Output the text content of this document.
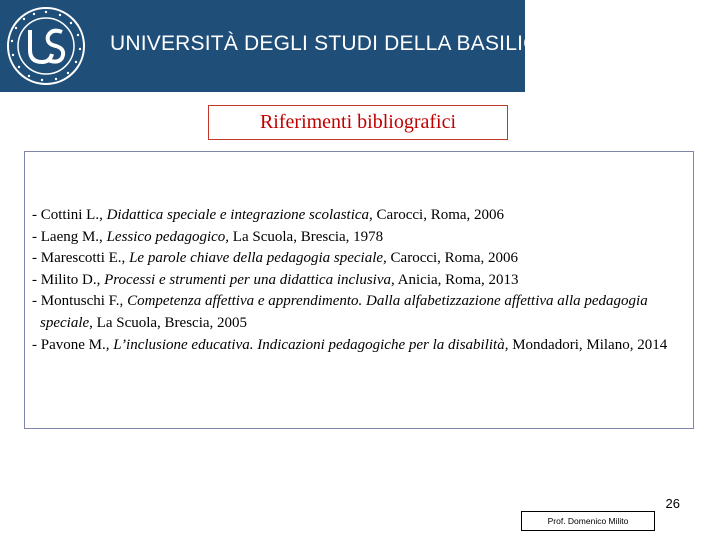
UNIVERSITÀ DEGLI STUDI DELLA BASILICATA
Riferimenti bibliografici
- Cottini L., Didattica speciale e integrazione scolastica, Carocci, Roma, 2006
- Laeng M., Lessico pedagogico, La Scuola, Brescia, 1978
- Marescotti E., Le parole chiave della pedagogia speciale, Carocci, Roma, 2006
- Milito D., Processi e strumenti per una didattica inclusiva, Anicia, Roma, 2013
- Montuschi F., Competenza affettiva e apprendimento. Dalla alfabetizzazione affettiva alla pedagogia speciale, La Scuola, Brescia, 2005
- Pavone M., L’inclusione educativa. Indicazioni pedagogiche per la disabilità, Mondadori, Milano, 2014
26
Prof. Domenico Milito
